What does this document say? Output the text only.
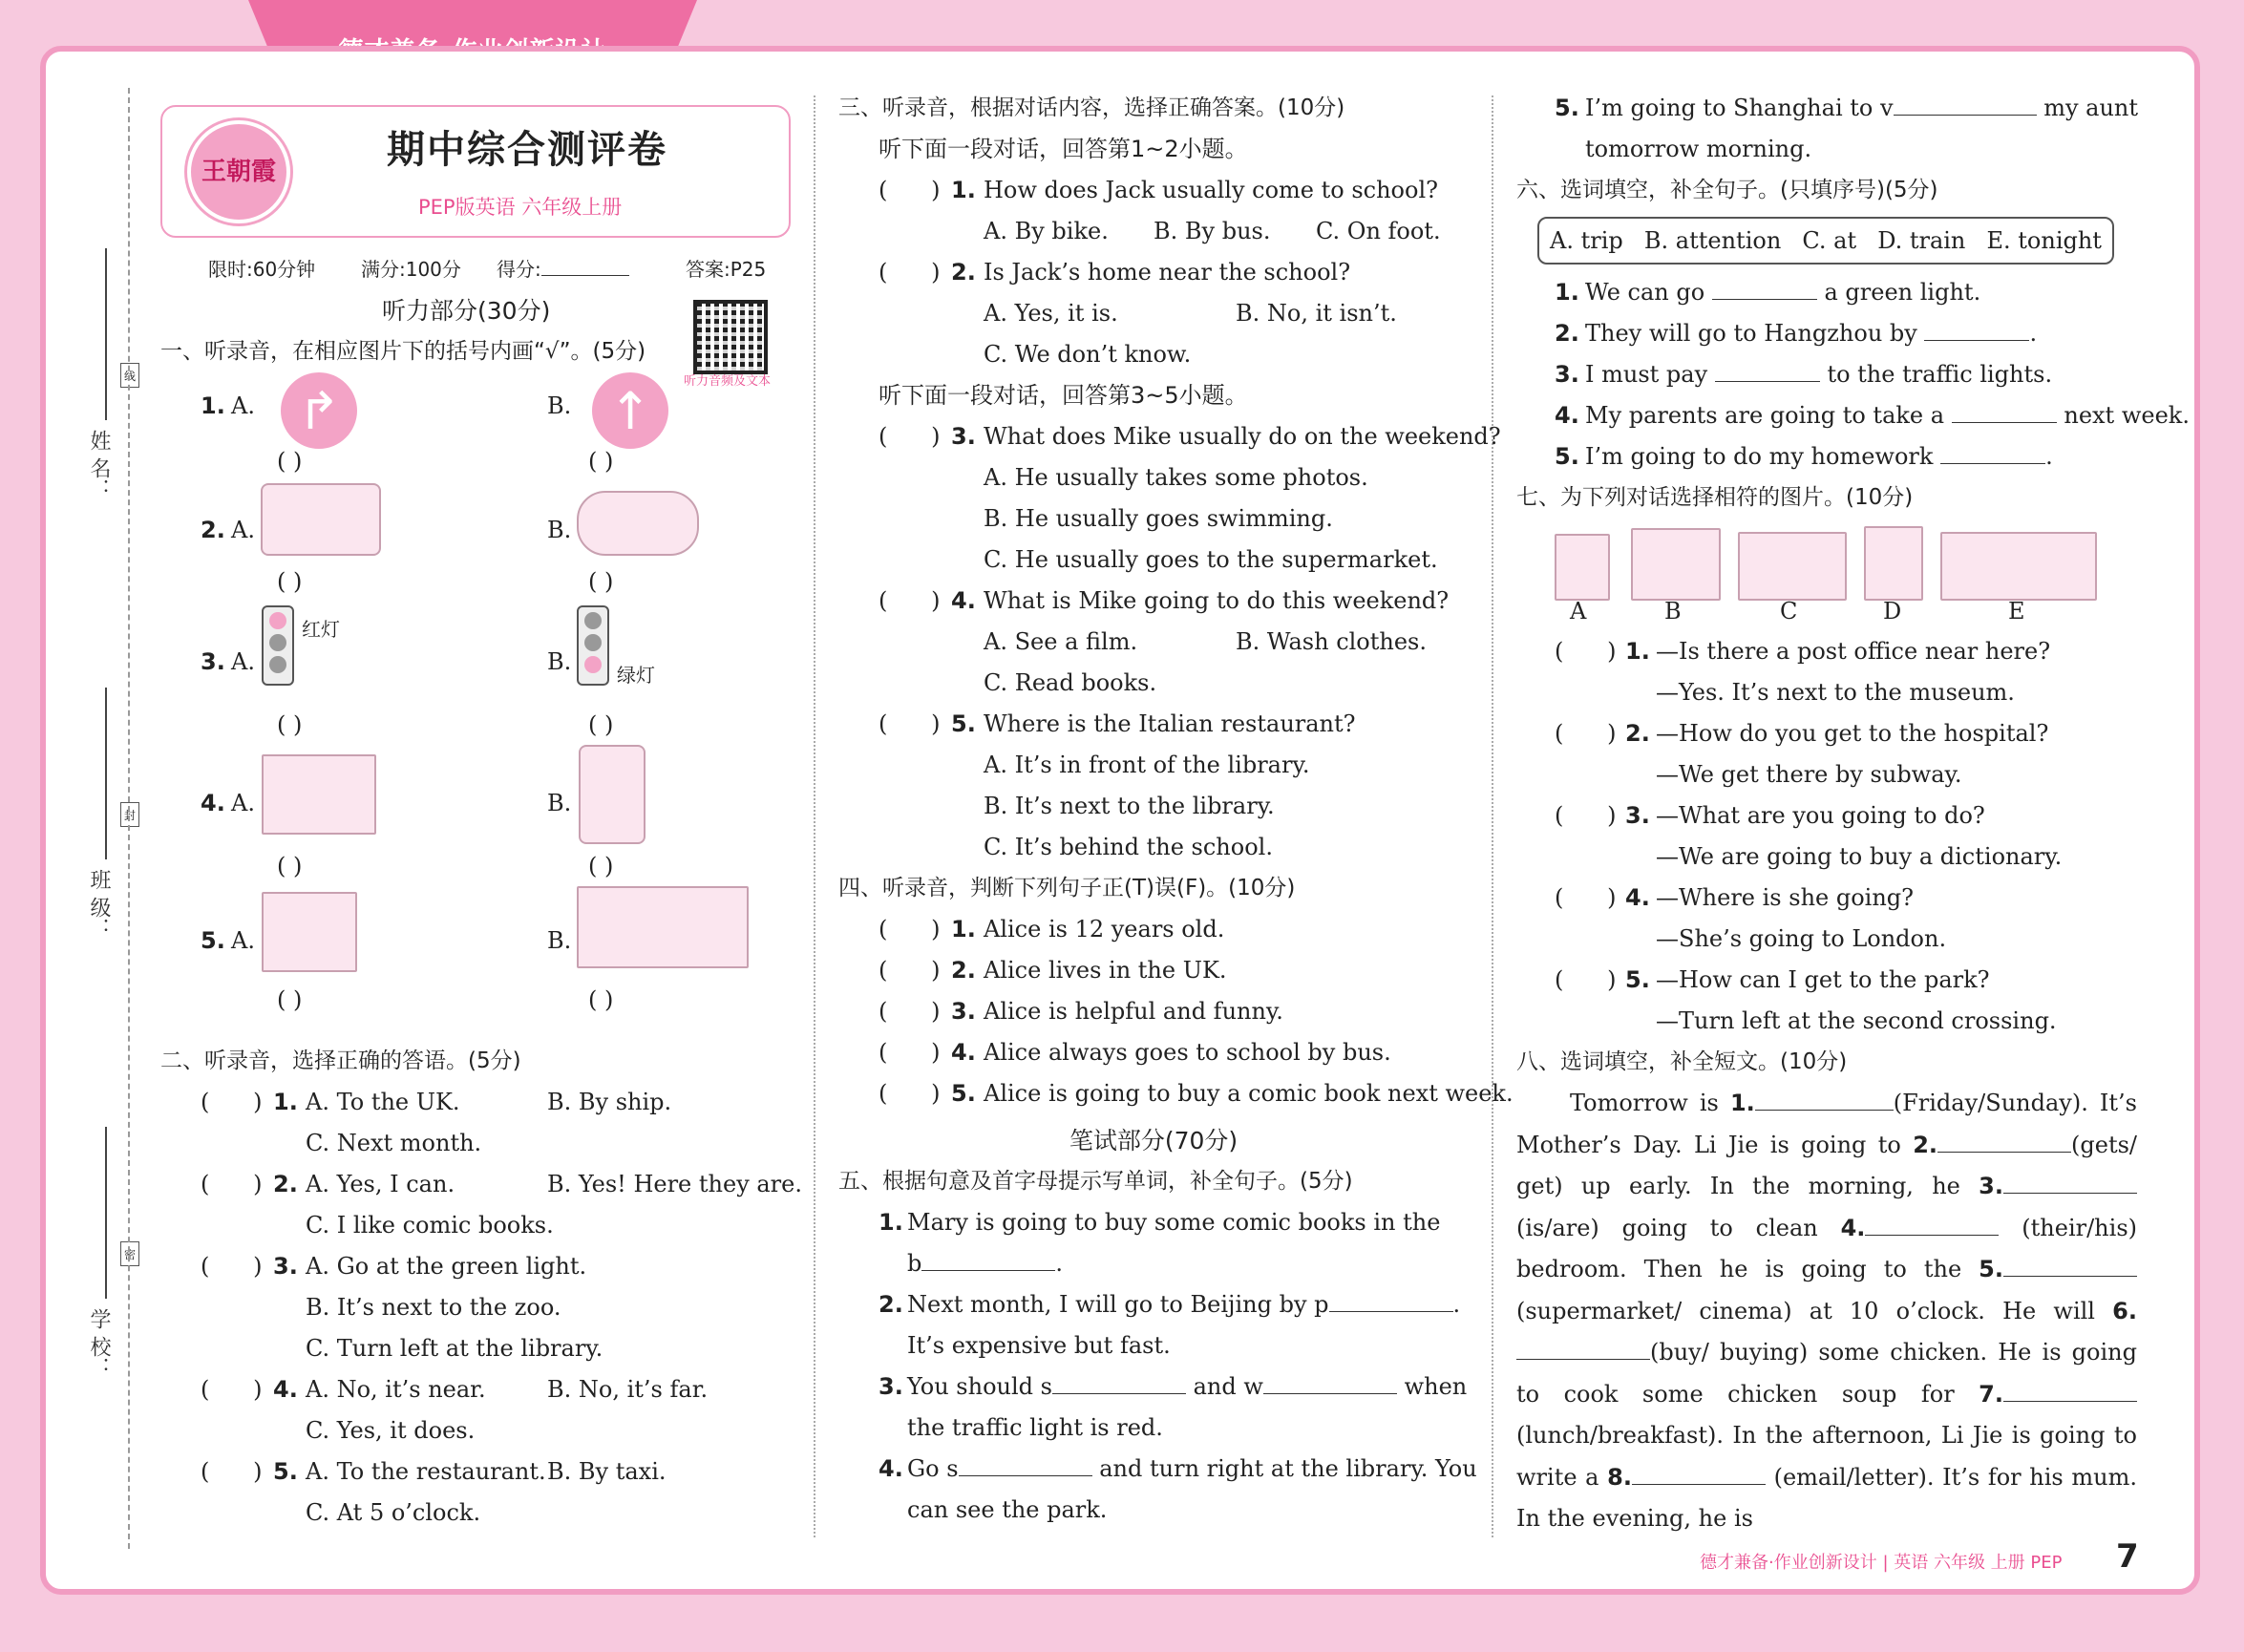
姓 名：
线
班 级：
封
学 校：
密
王朝霞	期中综合测评卷
PEP版英语 六年级上册
限时:60分钟 满分:100分 得分:	答案:P25
听力音频及文本
听力部分(30分)
一、听录音，在相应图片下的括号内画“√”。(5分)
1. A. ↱
( )
B. ↑
( )
2. A.
( )
B.
( )
3. A.
红灯
( )
B. 绿灯
( )
4. A.
( )
B.
( )
5. A.
( )
B.
( )
二、听录音，选择正确的答语。(5分)
(      ) 1. A. To the UK.	B. By ship.
C. Next month.
(      ) 2. A. Yes, I can.	B. Yes! Here they are.
C. I like comic books.
(      ) 3. A. Go at the green light.
B. It’s next to the zoo.
C. Turn left at the library.
(      ) 4. A. No, it’s near.	B. No, it’s far.
C. Yes, it does.
(      ) 5. A. To the restaurant. B. By taxi.
C. At 5 o’clock.
三、听录音，根据对话内容，选择正确答案。(10分)
听下面一段对话，回答第1~2小题。
(      ) 1. How does Jack usually come to school?
A. By bike. B. By bus. C. On foot.
(      ) 2. Is Jack’s home near the school?
A. Yes, it is.	B. No, it isn’t.
C. We don’t know.
听下面一段对话，回答第3~5小题。
(      ) 3. What does Mike usually do on the weekend?
A. He usually takes some photos.
B. He usually goes swimming.
C. He usually goes to the supermarket.
(      ) 4. What is Mike going to do this weekend?
A. See a film.	B. Wash clothes.
C. Read books.
(      ) 5. Where is the Italian restaurant?
A. It’s in front of the library.
B. It’s next to the library.
C. It’s behind the school.
四、听录音，判断下列句子正(T)误(F)。(10分)
(      ) 1. Alice is 12 years old.
(      ) 2. Alice lives in the UK.
(      ) 3. Alice is helpful and funny.
(      ) 4. Alice always goes to school by bus.
(      ) 5. Alice is going to buy a comic book next week.
笔试部分(70分)
五、根据句意及首字母提示写单词，补全句子。(5分)
1. Mary is going to buy some comic books in the
b	.
2. Next month, I will go to Beijing by p	.
It’s expensive but fast.
3. You should s	and w	when
the traffic light is red.
4. Go s	and turn right at the library. You
can see the park.
5. I’m going to Shanghai to v	my aunt
tomorrow morning.
六、选词填空，补全句子。(只填序号)(5分)
A. trip B. attention C. at D. train E. tonight
1. We can go	a green light.
2. They will go to Hangzhou by	.
3. I must pay	to the traffic lights.
4. My parents are going to take a	next week.
5. I’m going to do my homework	.
七、为下列对话选择相符的图片。(10分)
A	B	C	D	E
(      ) 1. —Is there a post office near here?
—Yes. It’s next to the museum.
(      ) 2. —How do you get to the hospital?
—We get there by subway.
(      ) 3. —What are you going to do?
—We are going to buy a dictionary.
(      ) 4. —Where is she going?
—She’s going to London.
(      ) 5. —How can I get to the park?
—Turn left at the second crossing.
八、选词填空，补全短文。(10分)
Tomorrow is 1.	(Friday/Sunday). It’s Mother’s Day. Li Jie is going to 2.	(gets/ get) up early. In the morning, he 3.(is/are) going to clean 4.	(their/his) bedroom. Then he is going to the 5.(supermarket/ cinema) at 10 o’clock. He will 6.(buy/ buying) some chicken. He is going to cook some chicken soup for 7.(lunch/breakfast). In the afternoon, Li Jie is going to write a 8.	(email/letter). It’s for his mum. In the evening, he is
德才兼备·作业创新设计 | 英语 六年级 上册 PEP 7
